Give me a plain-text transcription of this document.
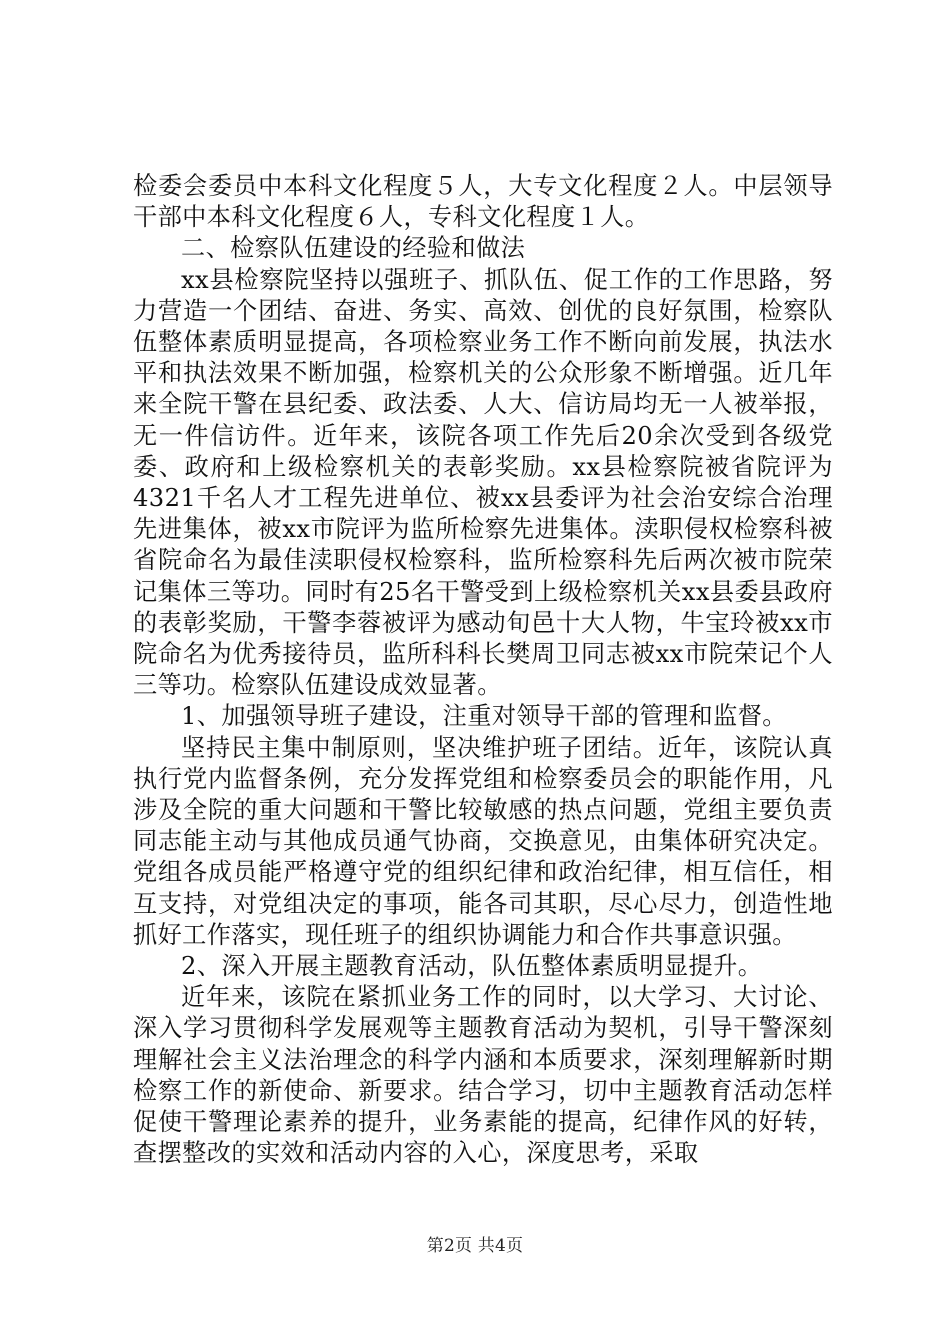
检委会委员中本科文化程度５人，大专文化程度２人。中层领导干部中本科文化程度６人，专科文化程度１人。

二、检察队伍建设的经验和做法

xx县检察院坚持以强班子、抓队伍、促工作的工作思路，努力营造一个团结、奋进、务实、高效、创优的良好氛围，检察队伍整体素质明显提高，各项检察业务工作不断向前发展，执法水平和执法效果不断加强，检察机关的公众形象不断增强。近几年来全院干警在县纪委、政法委、人大、信访局均无一人被举报，无一件信访件。近年来，该院各项工作先后20余次受到各级党委、政府和上级检察机关的表彰奖励。xx县检察院被省院评为4321千名人才工程先进单位、被xx县委评为社会治安综合治理先进集体，被xx市院评为监所检察先进集体。渎职侵权检察科被省院命名为最佳渎职侵权检察科，监所检察科先后两次被市院荣记集体三等功。同时有25名干警受到上级检察机关xx县委县政府的表彰奖励，干警李蓉被评为感动旬邑十大人物，牛宝玲被xx市院命名为优秀接待员，监所科科长樊周卫同志被xx市院荣记个人三等功。检察队伍建设成效显著。

1、加强领导班子建设，注重对领导干部的管理和监督。

坚持民主集中制原则，坚决维护班子团结。近年，该院认真执行党内监督条例，充分发挥党组和检察委员会的职能作用，凡涉及全院的重大问题和干警比较敏感的热点问题，党组主要负责同志能主动与其他成员通气协商，交换意见，由集体研究决定。党组各成员能严格遵守党的组织纪律和政治纪律，相互信任，相互支持，对党组决定的事项，能各司其职，尽心尽力，创造性地抓好工作落实，现任班子的组织协调能力和合作共事意识强。

2、深入开展主题教育活动，队伍整体素质明显提升。

近年来，该院在紧抓业务工作的同时，以大学习、大讨论、深入学习贯彻科学发展观等主题教育活动为契机，引导干警深刻理解社会主义法治理念的科学内涵和本质要求，深刻理解新时期检察工作的新使命、新要求。结合学习，切中主题教育活动怎样促使干警理论素养的提升，业务素能的提高，纪律作风的好转，查摆整改的实效和活动内容的入心，深度思考，采取

第2页 共4页
